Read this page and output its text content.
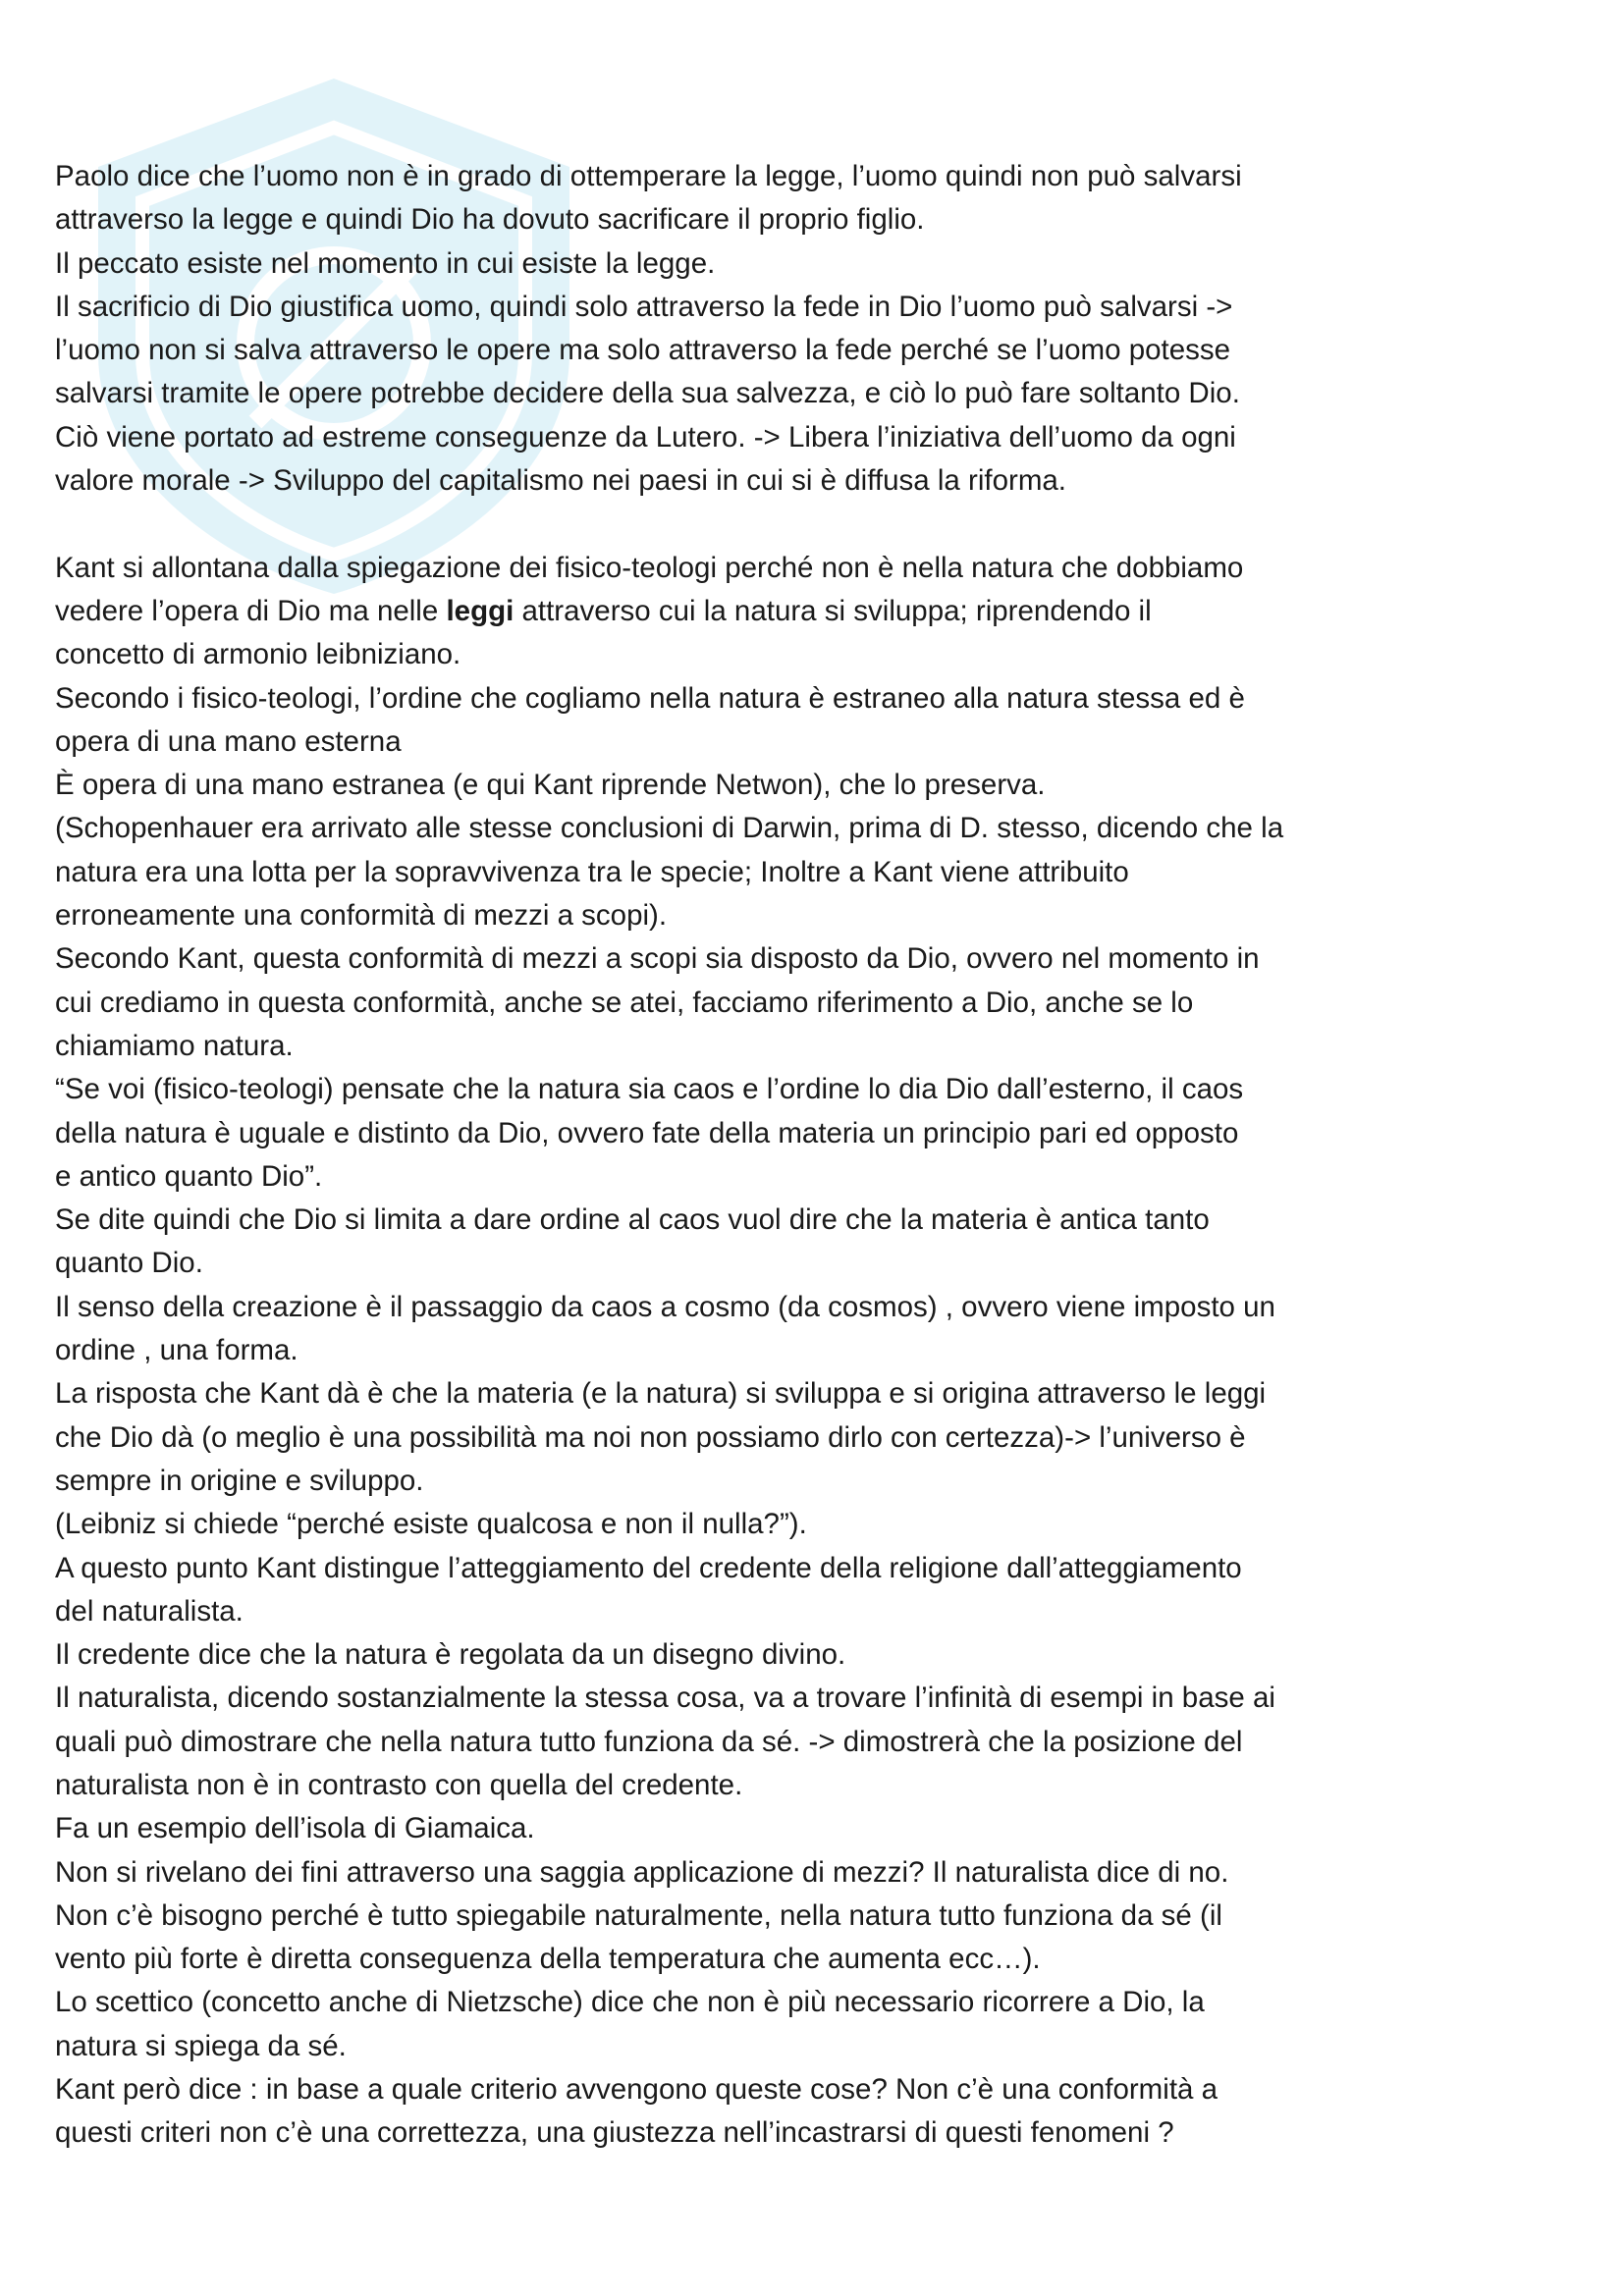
Paolo dice che l’uomo non è in grado di ottemperare la legge, l’uomo quindi non può salvarsi
attraverso la legge e quindi Dio ha dovuto sacrificare il proprio figlio.
Il peccato esiste nel momento in cui esiste la legge.
Il sacrificio di Dio giustifica uomo, quindi solo attraverso la fede in Dio l’uomo può salvarsi ->
l’uomo non si salva attraverso le opere ma solo attraverso la fede perché se l’uomo potesse
salvarsi tramite le opere potrebbe decidere della sua salvezza, e ciò lo può fare soltanto Dio.
Ciò viene portato ad estreme conseguenze da Lutero. -> Libera l’iniziativa dell’uomo da ogni
valore morale -> Sviluppo del capitalismo nei paesi in cui si è diffusa la riforma.
Kant si allontana dalla spiegazione dei fisico-teologi perché non è nella natura che dobbiamo
vedere l’opera di Dio ma nelle leggi attraverso cui la natura si sviluppa; riprendendo il
concetto di armonio leibniziano.
Secondo i fisico-teologi, l’ordine che cogliamo nella natura è estraneo alla natura stessa ed è
opera di una mano esterna
È opera di una mano estranea (e qui Kant riprende Netwon), che lo preserva.
(Schopenhauer era arrivato alle stesse conclusioni di Darwin, prima di D. stesso, dicendo che la
natura era una lotta per la sopravvivenza tra le specie; Inoltre a Kant viene attribuito
erroneamente una conformità di mezzi a scopi).
Secondo Kant, questa conformità di mezzi a scopi sia disposto da Dio, ovvero nel momento in
cui crediamo in questa conformità, anche se atei, facciamo riferimento a Dio, anche se lo
chiamiamo natura.
“Se voi (fisico-teologi) pensate che la natura sia caos e l’ordine lo dia Dio dall’esterno, il caos
della natura è uguale e distinto da Dio, ovvero fate della materia un principio pari ed opposto
e antico quanto Dio”.
Se dite quindi che Dio si limita a dare ordine al caos vuol dire che la materia è antica tanto
quanto Dio.
Il senso della creazione è il passaggio da caos a cosmo (da cosmos) , ovvero viene imposto un
ordine , una forma.
La risposta che Kant dà è che la materia (e la natura) si sviluppa e si origina attraverso le leggi
che Dio dà (o meglio è una possibilità ma noi non possiamo dirlo con certezza)-> l’universo è
sempre in origine e sviluppo.
(Leibniz si chiede “perché esiste qualcosa e non il nulla?”).
A questo punto Kant distingue l’atteggiamento del credente della religione dall’atteggiamento
del naturalista.
Il credente dice che la natura è regolata da un disegno divino.
Il naturalista, dicendo sostanzialmente la stessa cosa, va a trovare l’infinità di esempi in base ai
quali può dimostrare che nella natura tutto funziona da sé. -> dimostrerà che la posizione del
naturalista non è in contrasto con quella del credente.
Fa un esempio dell’isola di Giamaica.
Non si rivelano dei fini attraverso una saggia applicazione di mezzi? Il naturalista dice di no.
Non c’è bisogno perché è tutto spiegabile naturalmente, nella natura tutto funziona da sé (il
vento più forte è diretta conseguenza della temperatura che aumenta ecc…).
Lo scettico (concetto anche di Nietzsche) dice che non è più necessario ricorrere a Dio, la
natura si spiega da sé.
Kant però dice : in base a quale criterio avvengono queste cose? Non c’è una conformità a
questi criteri non c’è una correttezza, una giustezza nell’incastrarsi di questi fenomeni ?
